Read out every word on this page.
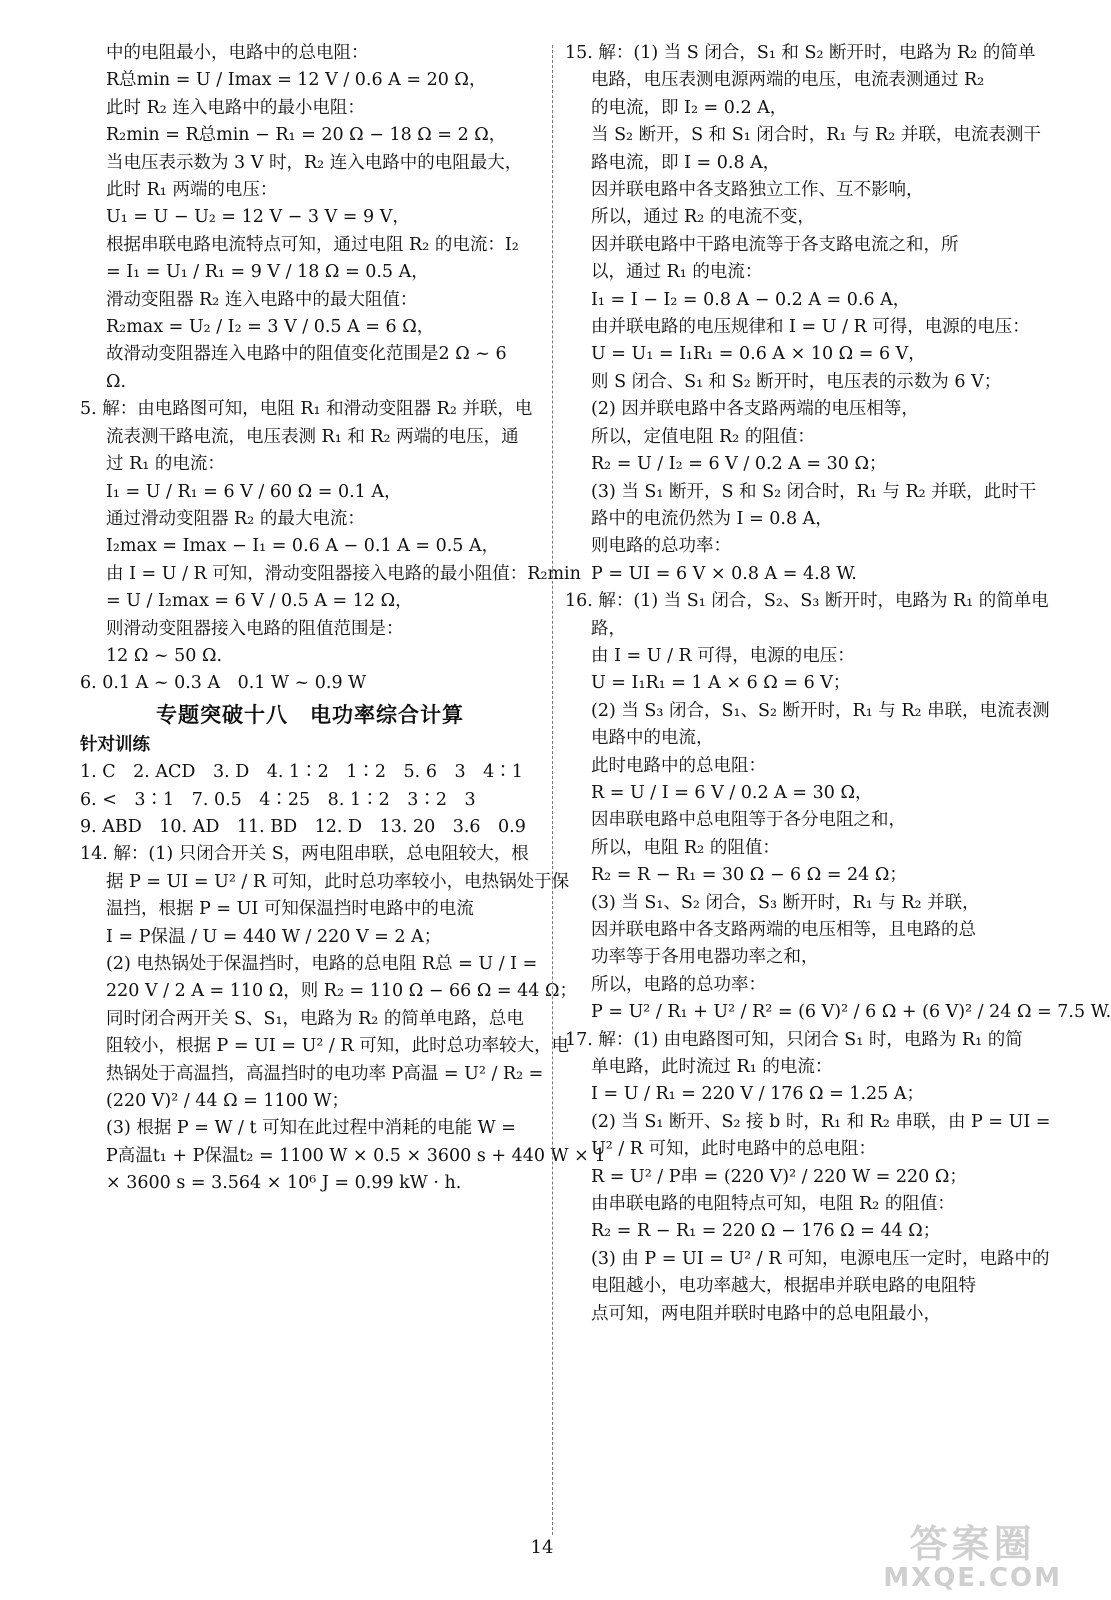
中的电阻最小，电路中的总电阻：
R总min = U / Imax = 12 V / 0.6 A = 20 Ω，
此时 R₂ 连入电路中的最小电阻：
R₂min = R总min − R₁ = 20 Ω − 18 Ω = 2 Ω，
当电压表示数为 3 V 时，R₂ 连入电路中的电阻最大，
此时 R₁ 两端的电压：
U₁ = U − U₂ = 12 V − 3 V = 9 V，
根据串联电路电流特点可知，通过电阻 R₂ 的电流：I₂
= I₁ = U₁ / R₁ = 9 V / 18 Ω = 0.5 A，
滑动变阻器 R₂ 连入电路中的最大阻值：
R₂max = U₂ / I₂ = 3 V / 0.5 A = 6 Ω，
故滑动变阻器连入电路中的阻值变化范围是2 Ω ~ 6
Ω.
5. 解：由电路图可知，电阻 R₁ 和滑动变阻器 R₂ 并联，电
流表测干路电流，电压表测 R₁ 和 R₂ 两端的电压，通
过 R₁ 的电流：
I₁ = U / R₁ = 6 V / 60 Ω = 0.1 A，
通过滑动变阻器 R₂ 的最大电流：
I₂max = Imax − I₁ = 0.6 A − 0.1 A = 0.5 A，
由 I = U / R 可知，滑动变阻器接入电路的最小阻值：R₂min
= U / I₂max = 6 V / 0.5 A = 12 Ω，
则滑动变阻器接入电路的阻值范围是：
12 Ω ~ 50 Ω.
6. 0.1 A ~ 0.3 A　0.1 W ~ 0.9 W
专题突破十八　电功率综合计算
针对训练
1. C　2. ACD　3. D　4. 1∶2　1∶2　5. 6　3　4∶1
6. <　3∶1　7. 0.5　4∶25　8. 1∶2　3∶2　3
9. ABD　10. AD　11. BD　12. D　13. 20　3.6　0.9
14. 解：(1) 只闭合开关 S，两电阻串联，总电阻较大，根
据 P = UI = U² / R 可知，此时总功率较小，电热锅处于保
温挡，根据 P = UI 可知保温挡时电路中的电流
I = P保温 / U = 440 W / 220 V = 2 A；
(2) 电热锅处于保温挡时，电路的总电阻 R总 = U / I =
220 V / 2 A = 110 Ω，则 R₂ = 110 Ω − 66 Ω = 44 Ω；
同时闭合两开关 S、S₁，电路为 R₂ 的简单电路，总电
阻较小，根据 P = UI = U² / R 可知，此时总功率较大，电
热锅处于高温挡，高温挡时的电功率 P高温 = U² / R₂ =
(220 V)² / 44 Ω = 1100 W；
(3) 根据 P = W / t 可知在此过程中消耗的电能 W =
P高温t₁ + P保温t₂ = 1100 W × 0.5 × 3600 s + 440 W × 1
× 3600 s = 3.564 × 10⁶ J = 0.99 kW · h.
15. 解：(1) 当 S 闭合，S₁ 和 S₂ 断开时，电路为 R₂ 的简单
电路，电压表测电源两端的电压，电流表测通过 R₂
的电流，即 I₂ = 0.2 A，
当 S₂ 断开，S 和 S₁ 闭合时，R₁ 与 R₂ 并联，电流表测干
路电流，即 I = 0.8 A，
因并联电路中各支路独立工作、互不影响，
所以，通过 R₂ 的电流不变，
因并联电路中干路电流等于各支路电流之和，所
以，通过 R₁ 的电流：
I₁ = I − I₂ = 0.8 A − 0.2 A = 0.6 A，
由并联电路的电压规律和 I = U / R 可得，电源的电压：
U = U₁ = I₁R₁ = 0.6 A × 10 Ω = 6 V，
则 S 闭合、S₁ 和 S₂ 断开时，电压表的示数为 6 V；
(2) 因并联电路中各支路两端的电压相等，
所以，定值电阻 R₂ 的阻值：
R₂ = U / I₂ = 6 V / 0.2 A = 30 Ω；
(3) 当 S₁ 断开，S 和 S₂ 闭合时，R₁ 与 R₂ 并联，此时干
路中的电流仍然为 I = 0.8 A，
则电路的总功率：
P = UI = 6 V × 0.8 A = 4.8 W.
16. 解：(1) 当 S₁ 闭合，S₂、S₃ 断开时，电路为 R₁ 的简单电
路，
由 I = U / R 可得，电源的电压：
U = I₁R₁ = 1 A × 6 Ω = 6 V；
(2) 当 S₃ 闭合，S₁、S₂ 断开时，R₁ 与 R₂ 串联，电流表测
电路中的电流，
此时电路中的总电阻：
R = U / I = 6 V / 0.2 A = 30 Ω，
因串联电路中总电阻等于各分电阻之和，
所以，电阻 R₂ 的阻值：
R₂ = R − R₁ = 30 Ω − 6 Ω = 24 Ω；
(3) 当 S₁、S₂ 闭合，S₃ 断开时，R₁ 与 R₂ 并联，
因并联电路中各支路两端的电压相等，且电路的总
功率等于各用电器功率之和，
所以，电路的总功率：
P = U² / R₁ + U² / R² = (6 V)² / 6 Ω + (6 V)² / 24 Ω = 7.5 W.
17. 解：(1) 由电路图可知，只闭合 S₁ 时，电路为 R₁ 的简
单电路，此时流过 R₁ 的电流：
I = U / R₁ = 220 V / 176 Ω = 1.25 A；
(2) 当 S₁ 断开、S₂ 接 b 时，R₁ 和 R₂ 串联，由 P = UI =
U² / R 可知，此时电路中的总电阻：
R = U² / P串 = (220 V)² / 220 W = 220 Ω；
由串联电路的电阻特点可知，电阻 R₂ 的阻值：
R₂ = R − R₁ = 220 Ω − 176 Ω = 44 Ω；
(3) 由 P = UI = U² / R 可知，电源电压一定时，电路中的
电阻越小，电功率越大，根据串并联电路的电阻特
点可知，两电阻并联时电路中的总电阻最小，
14	答案圈
MXQE.COM
